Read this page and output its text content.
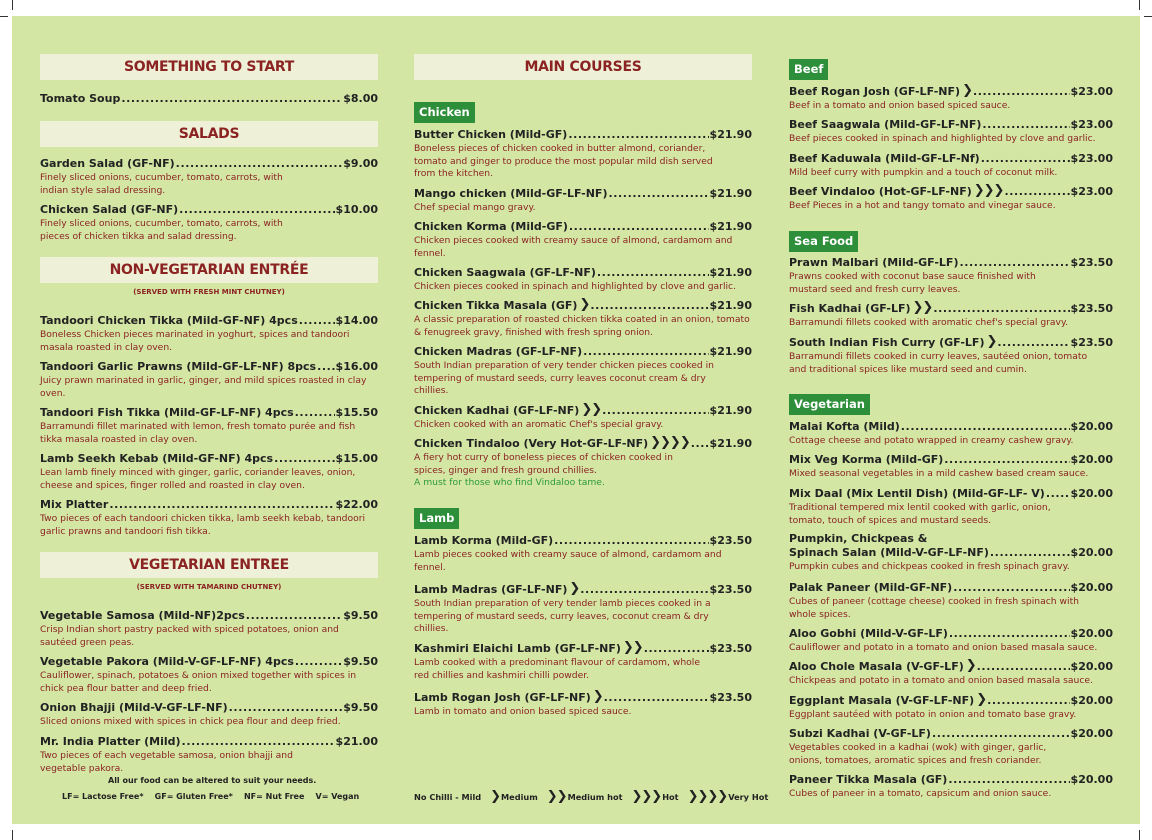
SOMETHING TO START
Tomato Soup .....	$8.00
SALADS
Garden Salad (GF-NF) .....	$9.00
Finely sliced onions, cucumber, tomato, carrots, with indian style salad dressing.
Chicken Salad (GF-NF) .....	$10.00
Finely sliced onions, cucumber, tomato, carrots, with pieces of chicken tikka and salad dressing.
NON-VEGETARIAN ENTRÉE
(SERVED WITH FRESH MINT CHUTNEY)
Tandoori Chicken Tikka (Mild-GF-NF) 4pcs .....	$14.00
Boneless Chicken pieces marinated in yoghurt, spices and tandoori masala roasted in clay oven.
Tandoori Garlic Prawns (Mild-GF-LF-NF) 8pcs ..... $16.00
Juicy prawn marinated in garlic, ginger, and mild spices roasted in clay oven.
Tandoori Fish Tikka (Mild-GF-LF-NF) 4pcs .....	$15.50
Barramundi fillet marinated with lemon, fresh tomato purée and fish tikka masala roasted in clay oven.
Lamb Seekh Kebab (Mild-GF-NF) 4pcs .....	$15.00
Lean lamb finely minced with ginger, garlic, coriander leaves, onion, cheese and spices, finger rolled and roasted in clay oven.
Mix Platter .....	$22.00
Two pieces of each tandoori chicken tikka, lamb seekh kebab, tandoori garlic prawns and tandoori fish tikka.
VEGETARIAN ENTREE
(SERVED WITH TAMARIND CHUTNEY)
Vegetable Samosa (Mild-NF)2pcs .....	$9.50
Crisp Indian short pastry packed with spiced potatoes, onion and sautéed green peas.
Vegetable Pakora (Mild-V-GF-LF-NF) 4pcs .....	$9.50
Cauliflower, spinach, potatoes & onion mixed together with spices in chick pea flour batter and deep fried.
Onion Bhajji (Mild-V-GF-LF-NF) .....	$9.50
Sliced onions mixed with spices in chick pea flour and deep fried.
Mr. India Platter (Mild) .....	$21.00
Two pieces of each vegetable samosa, onion bhajji and vegetable pakora.
All our food can be altered to suit your needs.
LF= Lactose Free*    GF= Gluten Free*    NF= Nut Free    V= Vegan
MAIN COURSES
Chicken
Butter Chicken (Mild-GF) .....	$21.90
Boneless pieces of chicken cooked in butter almond, coriander, tomato and ginger to produce the most popular mild dish served from the kitchen.
Mango chicken (Mild-GF-LF-NF) .....	$21.90
Chef special mango gravy.
Chicken Korma (Mild-GF) .....	$21.90
Chicken pieces cooked with creamy sauce of almond, cardamom and fennel.
Chicken Saagwala (GF-LF-NF) .....	$21.90
Chicken pieces cooked in spinach and highlighted by clove and garlic.
Chicken Tikka Masala (GF) ❯ .....	$21.90
A classic preparation of roasted chicken tikka coated in an onion, tomato & fenugreek gravy, finished with fresh spring onion.
Chicken Madras (GF-LF-NF) .....	$21.90
South Indian preparation of very tender chicken pieces cooked in tempering of mustard seeds, curry leaves coconut cream & dry chillies.
Chicken Kadhai (GF-LF-NF) ❯❯ .....	$21.90
Chicken cooked with an aromatic Chef's special gravy.
Chicken Tindaloo (Very Hot-GF-LF-NF) ❯❯❯❯ ..... $21.90
A fiery hot curry of boneless pieces of chicken cooked in spices, ginger and fresh ground chillies.
A must for those who find Vindaloo tame.
Lamb
Lamb Korma (Mild-GF) .....	$23.50
Lamb pieces cooked with creamy sauce of almond, cardamom and fennel.
Lamb Madras (GF-LF-NF) ❯ .....	$23.50
South Indian preparation of very tender lamb pieces cooked in a tempering of mustard seeds, curry leaves, coconut cream & dry chillies.
Kashmiri Elaichi Lamb (GF-LF-NF) ❯❯ .....	$23.50
Lamb cooked with a predominant flavour of cardamom, whole red chillies and kashmiri chilli powder.
Lamb Rogan Josh (GF-LF-NF) ❯ .....	$23.50
Lamb in tomato and onion based spiced sauce.
No Chilli - Mild ❯Medium ❯❯Medium hot ❯❯❯Hot ❯❯❯❯Very Hot
Beef
Beef Rogan Josh (GF-LF-NF) ❯ .....	$23.00
Beef in a tomato and onion based spiced sauce.
Beef Saagwala (Mild-GF-LF-NF) .....	$23.00
Beef pieces cooked in spinach and highlighted by clove and garlic.
Beef Kaduwala (Mild-GF-LF-Nf) .....	$23.00
Mild beef curry with pumpkin and a touch of coconut milk.
Beef Vindaloo (Hot-GF-LF-NF) ❯❯❯ .....	$23.00
Beef Pieces in a hot and tangy tomato and vinegar sauce.
Sea Food
Prawn Malbari (Mild-GF-LF) .....	$23.50
Prawns cooked with coconut base sauce finished with mustard seed and fresh curry leaves.
Fish Kadhai (GF-LF) ❯❯ .....	$23.50
Barramundi fillets cooked with aromatic chef's special gravy.
South Indian Fish Curry (GF-LF) ❯ .....	$23.50
Barramundi fillets cooked in curry leaves, sautéed onion, tomato and traditional spices like mustard seed and cumin.
Vegetarian
Malai Kofta (Mild) .....	$20.00
Cottage cheese and potato wrapped in creamy cashew gravy.
Mix Veg Korma (Mild-GF) .....	$20.00
Mixed seasonal vegetables in a mild cashew based cream sauce.
Mix Daal (Mix Lentil Dish) (Mild-GF-LF- V) ..... $20.00
Traditional tempered mix lentil cooked with garlic, onion, tomato, touch of spices and mustard seeds.
Pumpkin, Chickpeas &
Spinach Salan (Mild-V-GF-LF-NF) .....	$20.00
Pumpkin cubes and chickpeas cooked in fresh spinach gravy.
Palak Paneer (Mild-GF-NF) .....	$20.00
Cubes of paneer (cottage cheese) cooked in fresh spinach with whole spices.
Aloo Gobhi (Mild-V-GF-LF) .....	$20.00
Cauliflower and potato in a tomato and onion based masala sauce.
Aloo Chole Masala (V-GF-LF) ❯ .....	$20.00
Chickpeas and potato in a tomato and onion based masala sauce.
Eggplant Masala (V-GF-LF-NF) ❯ .....	$20.00
Eggplant sautéed with potato in onion and tomato base gravy.
Subzi Kadhai (V-GF-LF) .....	$20.00
Vegetables cooked in a kadhai (wok) with ginger, garlic, onions, tomatoes, aromatic spices and fresh coriander.
Paneer Tikka Masala (GF) .....	$20.00
Cubes of paneer in a tomato, capsicum and onion sauce.
